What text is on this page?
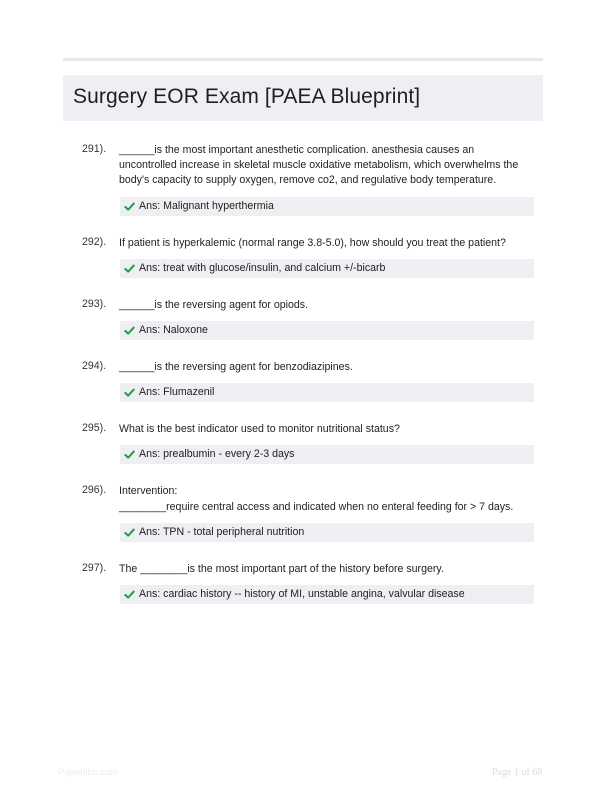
Surgery EOR Exam [PAEA Blueprint]
291). ______is the most important anesthetic complication. anesthesia causes an
uncontrolled increase in skeletal muscle oxidative metabolism, which overwhelms the
body's capacity to supply oxygen, remove co2, and regulative body temperature.
Ans: Malignant hyperthermia
292). If patient is hyperkalemic (normal range 3.8-5.0), how should you treat the patient?
Ans: treat with glucose/insulin, and calcium +/-bicarb
293). ______is the reversing agent for opiods.
Ans: Naloxone
294). ______is the reversing agent for benzodiazipines.
Ans: Flumazenil
295). What is the best indicator used to monitor nutritional status?
Ans: prealbumin - every 2-3 days
296). Intervention:
________require central access and indicated when no enteral feeding for > 7 days.
Ans: TPN - total peripheral nutrition
297). The ________is the most important part of the history before surgery.
Ans: cardiac history -- history of MI, unstable angina, valvular disease
Paperlibc.com	Page 1 of 68
